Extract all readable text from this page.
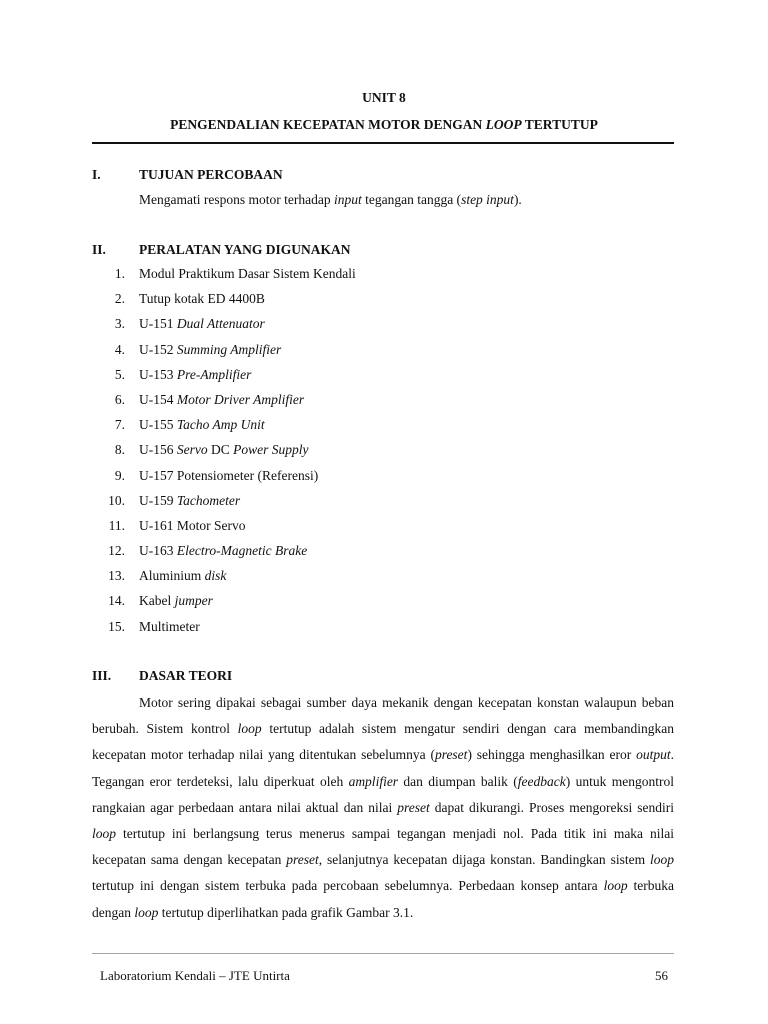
UNIT 8
PENGENDALIAN KECEPATAN MOTOR DENGAN LOOP TERTUTUP
I.	TUJUAN PERCOBAAN
Mengamati respons motor terhadap input tegangan tangga (step input).
II. PERALATAN YANG DIGUNAKAN
1. Modul Praktikum Dasar Sistem Kendali
2. Tutup kotak ED 4400B
3. U-151 Dual Attenuator
4. U-152 Summing Amplifier
5. U-153 Pre-Amplifier
6. U-154 Motor Driver Amplifier
7. U-155 Tacho Amp Unit
8. U-156 Servo DC Power Supply
9. U-157 Potensiometer (Referensi)
10. U-159 Tachometer
11. U-161 Motor Servo
12. U-163 Electro-Magnetic Brake
13. Aluminium disk
14. Kabel jumper
15. Multimeter
III. DASAR TEORI

Motor sering dipakai sebagai sumber daya mekanik dengan kecepatan konstan walaupun beban berubah. Sistem kontrol loop tertutup adalah sistem mengatur sendiri dengan cara membandingkan kecepatan motor terhadap nilai yang ditentukan sebelumnya (preset) sehingga menghasilkan eror output. Tegangan eror terdeteksi, lalu diperkuat oleh amplifier dan diumpan balik (feedback) untuk mengontrol rangkaian agar perbedaan antara nilai aktual dan nilai preset dapat dikurangi. Proses mengoreksi sendiri loop tertutup ini berlangsung terus menerus sampai tegangan menjadi nol. Pada titik ini maka nilai kecepatan sama dengan kecepatan preset, selanjutnya kecepatan dijaga konstan. Bandingkan sistem loop tertutup ini dengan sistem terbuka pada percobaan sebelumnya. Perbedaan konsep antara loop terbuka dengan loop tertutup diperlihatkan pada grafik Gambar 3.1.

Laboratorium Kendali – JTE Untirta	56
